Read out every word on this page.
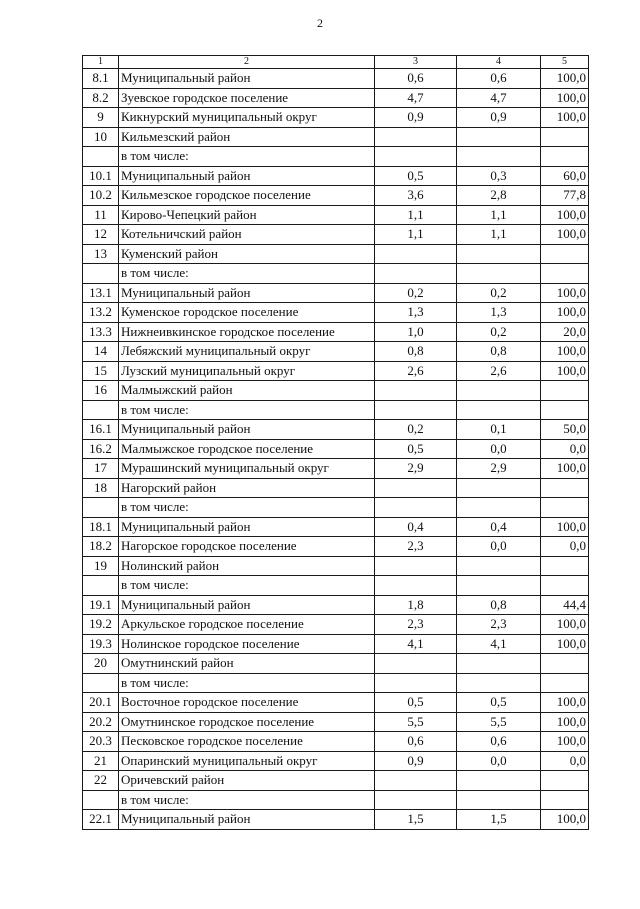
2
1	2	3	4	5
8.1	Муниципальный район	0,6	0,6	100,0
8.2	Зуевское городское поселение	4,7	4,7	100,0
9	Кикнурский муниципальный округ	0,9	0,9	100,0
10	Кильмезский район			
	в том числе:			
10.1	Муниципальный район	0,5	0,3	60,0
10.2	Кильмезское городское поселение	3,6	2,8	77,8
11	Кирово-Чепецкий район	1,1	1,1	100,0
12	Котельничский район	1,1	1,1	100,0
13	Куменский район			
	в том числе:			
13.1	Муниципальный район	0,2	0,2	100,0
13.2	Куменское городское поселение	1,3	1,3	100,0
13.3	Нижнеивкинское городское поселение	1,0	0,2	20,0
14	Лебяжский муниципальный округ	0,8	0,8	100,0
15	Лузский муниципальный округ	2,6	2,6	100,0
16	Малмыжский район			
	в том числе:			
16.1	Муниципальный район	0,2	0,1	50,0
16.2	Малмыжское городское поселение	0,5	0,0	0,0
17	Мурашинский муниципальный округ	2,9	2,9	100,0
18	Нагорский район			
	в том числе:			
18.1	Муниципальный район	0,4	0,4	100,0
18.2	Нагорское городское поселение	2,3	0,0	0,0
19	Нолинский район			
	в том числе:			
19.1	Муниципальный район	1,8	0,8	44,4
19.2	Аркульское городское поселение	2,3	2,3	100,0
19.3	Нолинское городское поселение	4,1	4,1	100,0
20	Омутнинский район			
	в том числе:			
20.1	Восточное городское поселение	0,5	0,5	100,0
20.2	Омутнинское городское поселение	5,5	5,5	100,0
20.3	Песковское городское поселение	0,6	0,6	100,0
21	Опаринский муниципальный округ	0,9	0,0	0,0
22	Оричевский район			
	в том числе:			
22.1	Муниципальный район	1,5	1,5	100,0
